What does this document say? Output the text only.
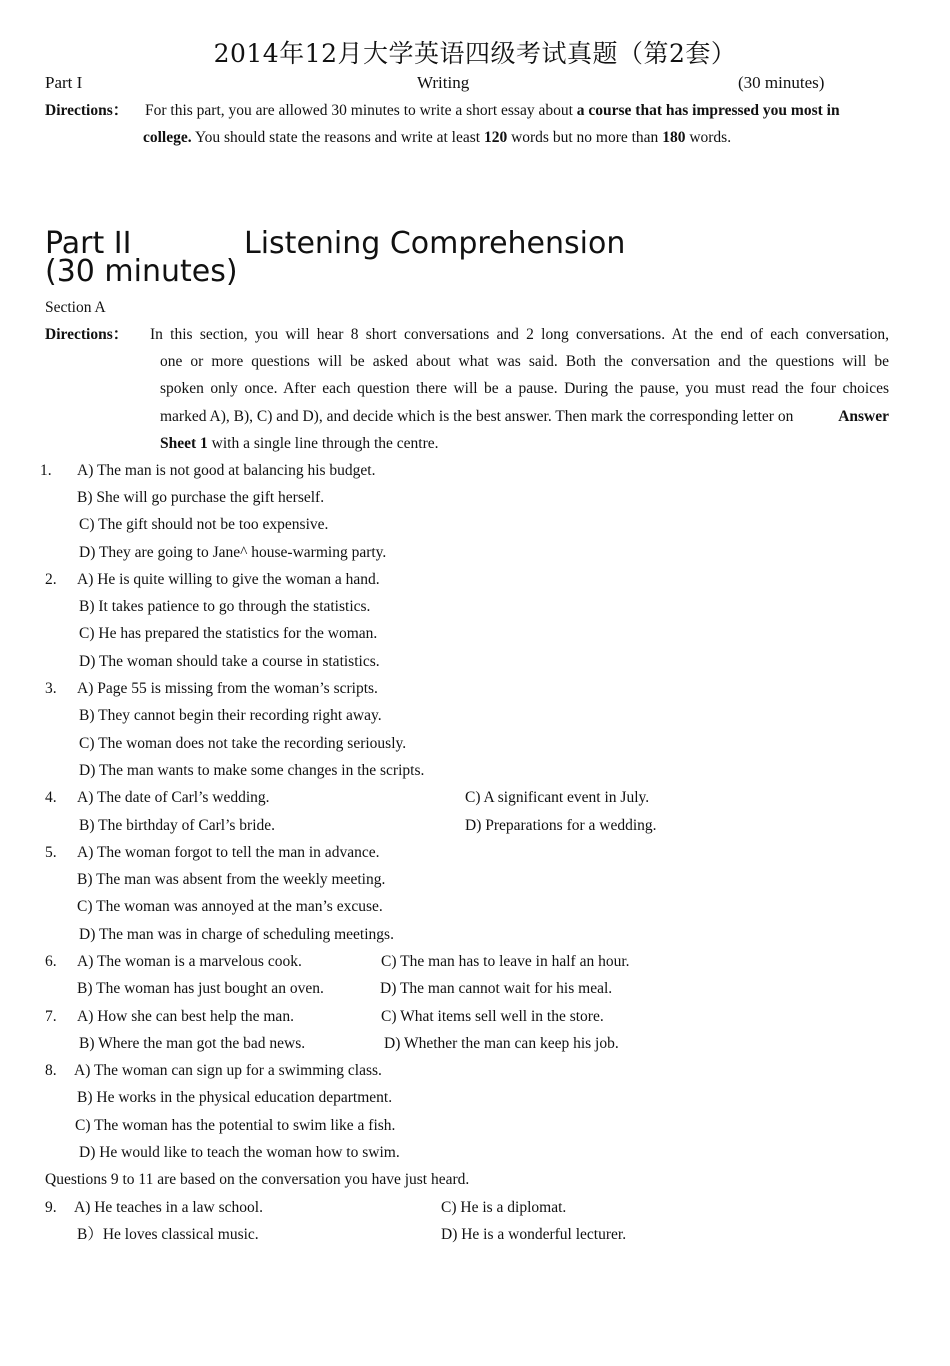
2014年12月大学英语四级考试真题（第2套）
Part I	Writing	(30 minutes)
Directions： For this part, you are allowed 30 minutes to write a short essay about a course that has impressed you most in
college. You should state the reasons and write at least 120 words but no more than 180 words.
Part II	Listening Comprehension
(30 minutes)
Section A
Directions： In this section, you will hear 8 short conversations and 2 long conversations. At the end of each conversation,
one or more questions will be asked about what was said. Both the conversation and the questions will be
spoken only once. After each question there will be a pause. During the pause, you must read the four choices
marked A), B), C) and D), and decide which is the best answer. Then mark the corresponding letter on	Answer
Sheet 1 with a single line through the centre.
1. A) The man is not good at balancing his budget.
B) She will go purchase the gift herself.
C) The gift should not be too expensive.
D) They are going to Jane^ house-warming party.
2. A) He is quite willing to give the woman a hand.
B) It takes patience to go through the statistics.
C) He has prepared the statistics for the woman.
D) The woman should take a course in statistics.
3. A) Page 55 is missing from the woman’s scripts.
B) They cannot begin their recording right away.
C) The woman does not take the recording seriously.
D) The man wants to make some changes in the scripts.
4. A) The date of Carl’s wedding.	C) A significant event in July.
B) The birthday of Carl’s bride.	D) Preparations for a wedding.
5. A) The woman forgot to tell the man in advance.
B) The man was absent from the weekly meeting.
C) The woman was annoyed at the man’s excuse.
D) The man was in charge of scheduling meetings.
6. A) The woman is a marvelous cook.	C) The man has to leave in half an hour.
B) The woman has just bought an oven.	D) The man cannot wait for his meal.
7. A) How she can best help the man.	C) What items sell well in the store.
B) Where the man got the bad news.	D) Whether the man can keep his job.
8. A) The woman can sign up for a swimming class.
B) He works in the physical education department.
C) The woman has the potential to swim like a fish.
D) He would like to teach the woman how to swim.
Questions 9 to 11 are based on the conversation you have just heard.
9. A) He teaches in a law school.	C) He is a diplomat.
B）He loves classical music.	D) He is a wonderful lecturer.
